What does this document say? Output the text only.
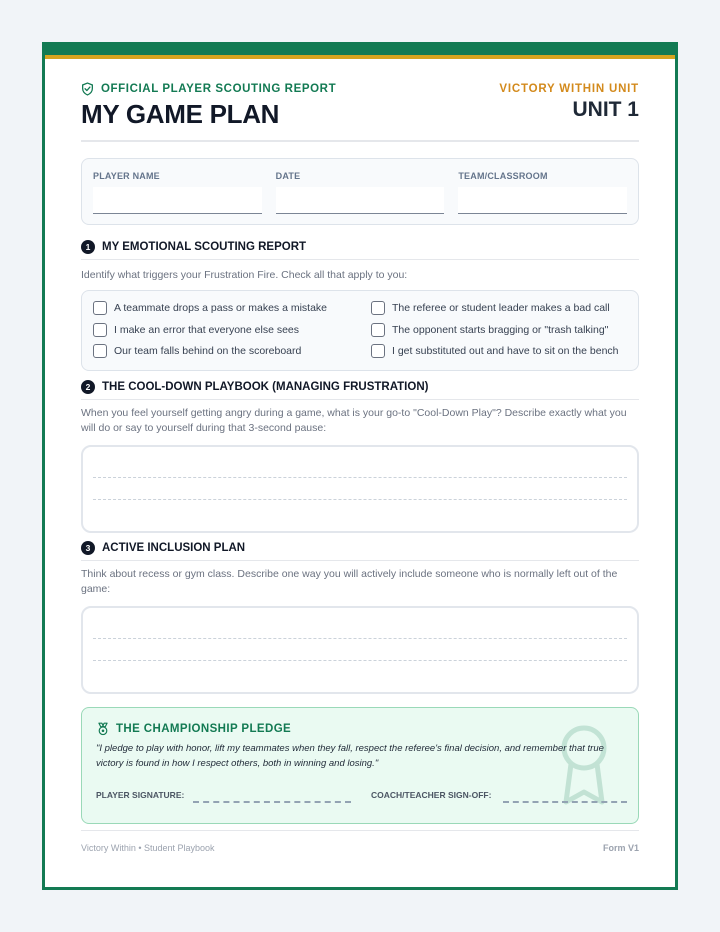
OFFICIAL PLAYER SCOUTING REPORT
MY GAME PLAN
VICTORY WITHIN UNIT
UNIT 1
PLAYER NAME	DATE	TEAM/CLASSROOM
1	MY EMOTIONAL SCOUTING REPORT
Identify what triggers your Frustration Fire. Check all that apply to you:
A teammate drops a pass or makes a mistake	The referee or student leader makes a bad call
I make an error that everyone else sees	The opponent starts bragging or "trash talking"
Our team falls behind on the scoreboard	I get substituted out and have to sit on the bench
2	THE COOL-DOWN PLAYBOOK (MANAGING FRUSTRATION)
When you feel yourself getting angry during a game, what is your go-to "Cool-Down Play"? Describe exactly what you will do or say to yourself during that 3-second pause:
3	ACTIVE INCLUSION PLAN
Think about recess or gym class. Describe one way you will actively include someone who is normally left out of the game:
THE CHAMPIONSHIP PLEDGE
"I pledge to play with honor, lift my teammates when they fall, respect the referee's final decision, and remember that true victory is found in how I respect others, both in winning and losing."
PLAYER SIGNATURE:	COACH/TEACHER SIGN-OFF:
Victory Within • Student Playbook	Form V1
